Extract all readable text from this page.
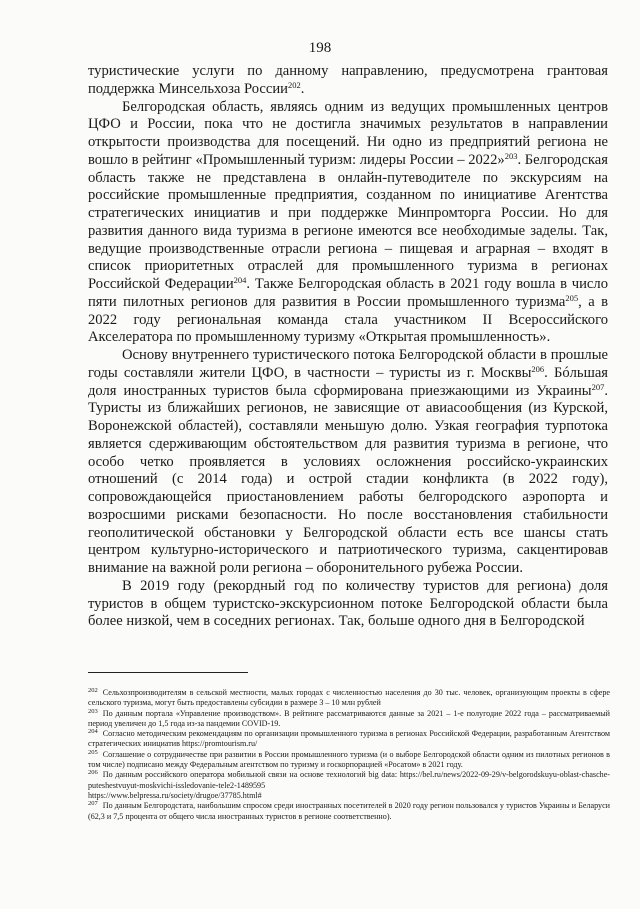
198

туристические услуги по данному направлению, предусмотрена грантовая поддержка Минсельхоза России$^{202}$.

Белгородская область, являясь одним из ведущих промышленных центров ЦФО и России, пока что не достигла значимых результатов в направлении открытости производства для посещений. Ни одно из предприятий региона не вошло в рейтинг «Промышленный туризм: лидеры России – 2022»$^{203}$. Белгородская область также не представлена в онлайн-путеводителе по экскурсиям на российские промышленные предприятия, созданном по инициативе Агентства стратегических инициатив и при поддержке Минпромторга России. Но для развития данного вида туризма в регионе имеются все необходимые заделы. Так, ведущие производственные отрасли региона – пищевая и аграрная – входят в список приоритетных отраслей для промышленного туризма в регионах Российской Федерации$^{204}$. Также Белгородская область в 2021 году вошла в число пяти пилотных регионов для развития в России промышленного туризма$^{205}$, а в 2022 году региональная команда стала участником II Всероссийского Акселератора по промышленному туризму «Открытая промышленность».

Основу внутреннего туристического потока Белгородской области в прошлые годы составляли жители ЦФО, в частности – туристы из г. Москвы$^{206}$. Бóльшая доля иностранных туристов была сформирована приезжающими из Украины$^{207}$. Туристы из ближайших регионов, не зависящие от авиасообщения (из Курской, Воронежской областей), составляли меньшую долю. Узкая география турпотока является сдерживающим обстоятельством для развития туризма в регионе, что особо четко проявляется в условиях осложнения российско-украинских отношений (с 2014 года) и острой стадии конфликта (в 2022 году), сопровождающейся приостановлением работы белгородского аэропорта и возросшими рисками безопасности. Но после восстановления стабильности геополитической обстановки у Белгородской области есть все шансы стать центром культурно-исторического и патриотического туризма, сакцентировав внимание на важной роли региона – оборонительного рубежа России.

В 2019 году (рекордный год по количеству туристов для региона) доля туристов в общем туристско-экскурсионном потоке Белгородской области была более низкой, чем в соседних регионах. Так, больше одного дня в Белгородской

$^{202}$ Сельхозпроизводителям в сельской местности, малых городах с численностью населения до 30 тыс. человек, организующим проекты в сфере сельского туризма, могут быть предоставлены субсидии в размере 3 – 10 млн рублей

$^{203}$ По данным портала «Управление производством». В рейтинге рассматриваются данные за 2021 – 1-е полугодие 2022 года – рассматриваемый период увеличен до 1,5 года из-за пандемии COVID-19.

$^{204}$ Согласно методическим рекомендациям по организации промышленного туризма в регионах Российской Федерации, разработанным Агентством стратегических инициатив https://promtourism.ru/

$^{205}$ Соглашение о сотрудничестве при развитии в России промышленного туризма (и о выборе Белгородской области одним из пилотных регионов в том числе) подписано между Федеральным агентством по туризму и госкорпорацией «Росатом» в 2021 году.

$^{206}$ По данным российского оператора мобильной связи на основе технологий big data: https://bel.ru/news/2022-09-29/v-belgorodskuyu-oblast-chasche-puteshestvuyut-moskvichi-issledovanie-tele2-1489595

https://www.belpressa.ru/society/drugoe/37785.html#

$^{207}$ По данным Белгородстата, наибольшим спросом среди иностранных посетителей в 2020 году регион пользовался у туристов Украины и Беларуси (62,3 и 7,5 процента от общего числа иностранных туристов в регионе соответственно).
